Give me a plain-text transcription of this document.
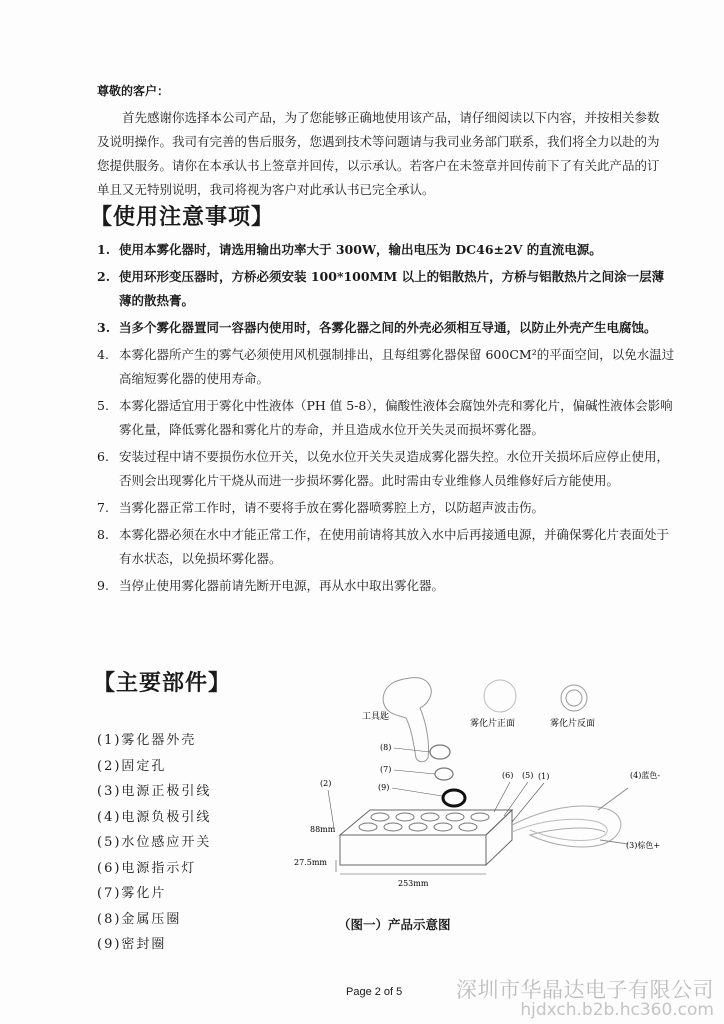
尊敬的客户：

首先感谢你选择本公司产品，为了您能够正确地使用该产品，请仔细阅读以下内容，并按相关参数及说明操作。我司有完善的售后服务，您遇到技术等问题请与我司业务部门联系，我们将全力以赴的为您提供服务。请你在本承认书上签章并回传，以示承认。若客户在未签章并回传前下了有关此产品的订单且又无特别说明，我司将视为客户对此承认书已完全承认。

【使用注意事项】
1. 使用本雾化器时，请选用输出功率大于 300W，输出电压为 DC46±2V 的直流电源。
2. 使用环形变压器时，方桥必须安装 100*100MM 以上的铝散热片，方桥与铝散热片之间涂一层薄薄的散热膏。
3. 当多个雾化器置同一容器内使用时，各雾化器之间的外壳必须相互导通，以防止外壳产生电腐蚀。
4. 本雾化器所产生的雾气必须使用风机强制排出，且每组雾化器保留 600CM²的平面空间，以免水温过高缩短雾化器的使用寿命。
5. 本雾化器适宜用于雾化中性液体（PH 值 5-8），偏酸性液体会腐蚀外壳和雾化片，偏碱性液体会影响雾化量，降低雾化器和雾化片的寿命，并且造成水位开关失灵而损坏雾化器。
6. 安装过程中请不要损伤水位开关，以免水位开关失灵造成雾化器失控。水位开关损坏后应停止使用，否则会出现雾化片干烧从而进一步损坏雾化器。此时需由专业维修人员维修好后方能使用。
7. 当雾化器正常工作时，请不要将手放在雾化器喷雾腔上方，以防超声波击伤。
8. 本雾化器必须在水中才能正常工作，在使用前请将其放入水中后再接通电源，并确保雾化片表面处于有水状态，以免损坏雾化器。
9. 当停止使用雾化器前请先断开电源，再从水中取出雾化器。
【主要部件】
(1)雾化器外壳
(2)固定孔
(3)电源正极引线
(4)电源负极引线
(5)水位感应开关
(6)电源指示灯
(7)雾化片
(8)金属压圈
(9)密封圈
工具匙
雾化片正面	雾化片反面
(8)
(7)
(9)
(4)蓝色-
(3)棕色+
(6) (5) (1)
(2)
88mm
27.5mm
253mm
（图一）产品示意图
Page 2 of 5	深圳市华晶达电子有限公司
hjdxch.b2b.hc360.com
